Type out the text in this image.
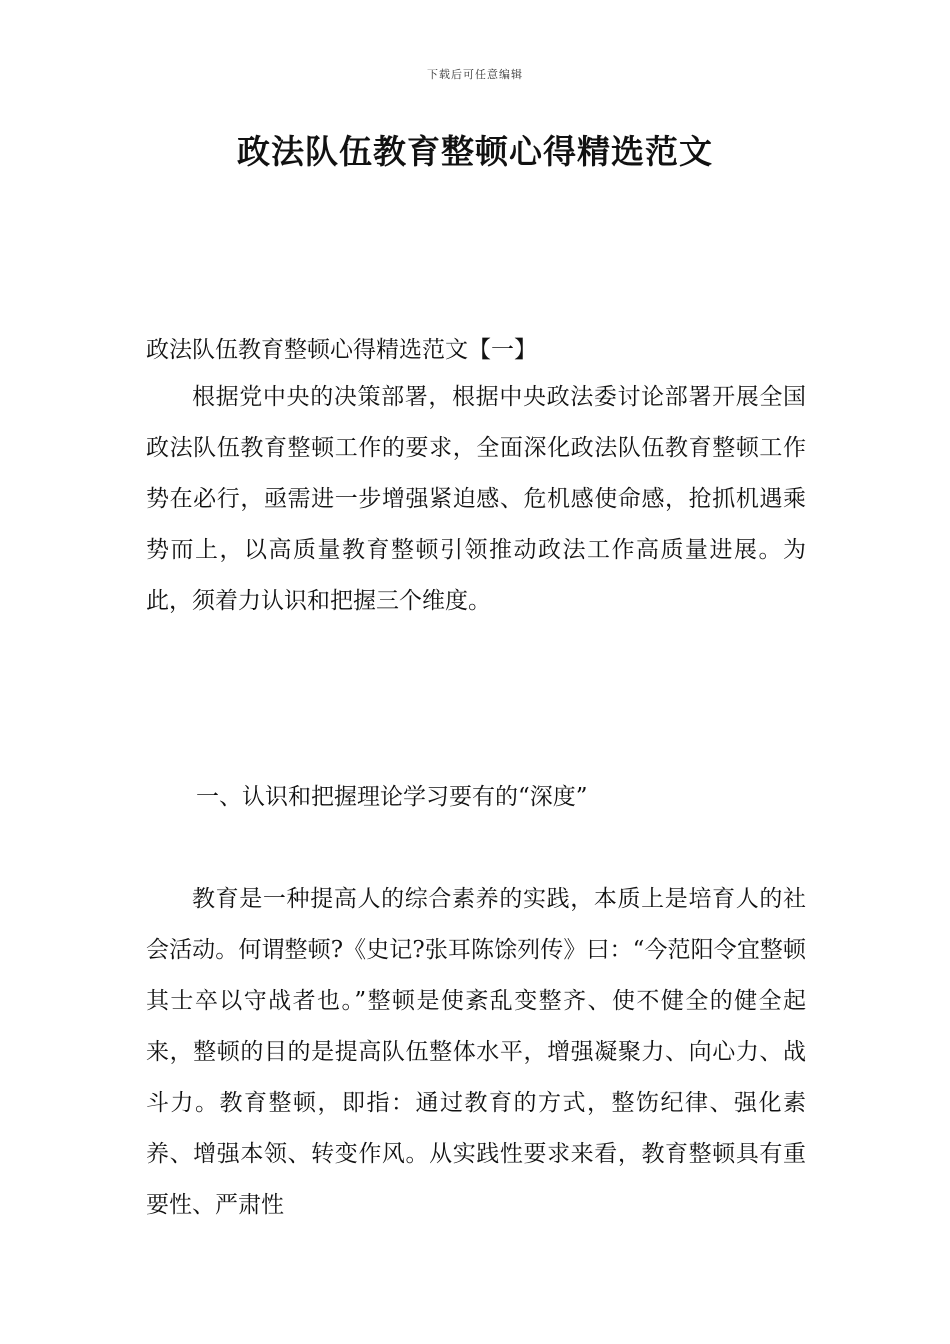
下载后可任意编辑
政法队伍教育整顿心得精选范文
政法队伍教育整顿心得精选范文【一】

根据党中央的决策部署，根据中央政法委讨论部署开展全国政法队伍教育整顿工作的要求，全面深化政法队伍教育整顿工作势在必行，亟需进一步增强紧迫感、危机感使命感，抢抓机遇乘势而上，以高质量教育整顿引领推动政法工作高质量进展。为此，须着力认识和把握三个维度。

一、认识和把握理论学习要有的“深度”

教育是一种提高人的综合素养的实践，本质上是培育人的社会活动。何谓整顿?《史记?张耳陈馀列传》曰：“今范阳令宜整顿其士卒以守战者也。”整顿是使紊乱变整齐、使不健全的健全起来，整顿的目的是提高队伍整体水平，增强凝聚力、向心力、战斗力。教育整顿，即指：通过教育的方式，整饬纪律、强化素养、增强本领、转变作风。从实践性要求来看，教育整顿具有重要性、严肃性
